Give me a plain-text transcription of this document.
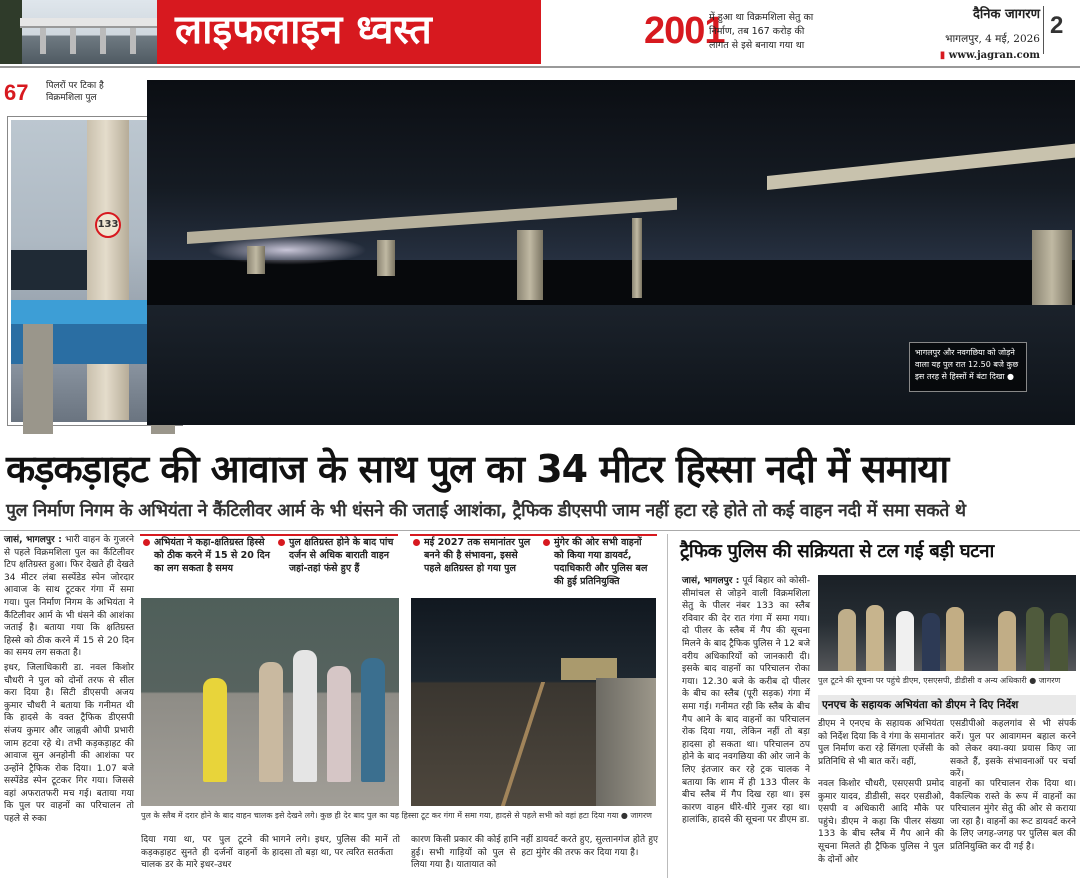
लाइफलाइन ध्वस्त	2001
में हुआ था विक्रमशिला सेतु का निर्माण, तब 167 करोड़ की लागत से इसे बनाया गया था
दैनिक जागरण
भागलपुर, 4 मई, 2026
▮ www.jagran.com
2
67 पिलरों पर टिका है विक्रमशिला पुल
133
भागलपुर और नवगछिया को जोड़ने वाला यह पुल रात 12.50 बजे कुछ इस तरह से हिस्सों में बंटा दिखा ●
कड़कड़ाहट की आवाज के साथ पुल का 34 मीटर हिस्सा नदी में समाया
पुल निर्माण निगम के अभियंता ने कैंटिलीवर आर्म के भी धंसने की जताई आशंका, ट्रैफिक डीएसपी जाम नहीं हटा रहे होते तो कई वाहन नदी में समा सकते थे

जासं, भागलपुर : भारी वाहन के गुजरने से पहले विक्रमशिला पुल का कैंटिलीवर टिप क्षतिग्रस्त हुआ। फिर देखते ही देखते 34 मीटर लंबा सस्पेंडेड स्पेन जोरदार आवाज के साथ टूटकर गंगा में समा गया। पुल निर्माण निगम के अभियंता ने कैंटिलीवर आर्म के भी धंसने की आशंका जताई है। बताया गया कि क्षतिग्रस्त हिस्से को ठीक करने में 15 से 20 दिन का समय लग सकता है।

इधर, जिलाधिकारी डा. नवल किशोर चौधरी ने पुल को दोनों तरफ से सील करा दिया है। सिटी डीएसपी अजय कुमार चौधरी ने बताया कि गनीमत थी कि हादसे के वक्त ट्रैफिक डीएसपी संजय कुमार और जाह्नवी ओपी प्रभारी जाम हटवा रहे थे। तभी कड़कड़ाहट की आवाज सुन अनहोनी की आशंका पर उन्होंने ट्रैफिक रोक दिया। 1.07 बजे सस्पेंडेड स्पेन टूटकर गिर गया। जिससे वहां अफरातफरी मच गई। बताया गया कि पुल पर वाहनों का परिचालन तो पहले से रुका

अभियंता ने कहा-क्षतिग्रस्त हिस्से को ठीक करने में 15 से 20 दिन का लग सकता है समय
पुल क्षतिग्रस्त होने के बाद पांच दर्जन से अधिक बाराती वाहन जहां-तहां फंसे हुए हैं
मई 2027 तक समानांतर पुल बनने की है संभावना, इससे पहले क्षतिग्रस्त हो गया पुल
मुंगेर की ओर सभी वाहनों को किया गया डायवर्ट, पदाधिकारी और पुलिस बल की हुई प्रतिनियुक्ति
पुल के स्लैब में दरार होने के बाद वाहन चालक इसे देखने लगे। कुछ ही देर बाद पुल का यह हिस्सा टूट कर गंगा में समा गया, हादसे से पहले सभी को वहां हटा दिया गया ● जागरण
दिया गया था, पर पुल टूटने की कड़कड़ाहट सुनते ही दर्जनों वाहनों के चालक डर के मारे इधर-उधर
भागने लगे। इधर, पुलिस की मानें तो हादसा तो बड़ा था, पर त्वरित सतर्कता
कारण किसी प्रकार की कोई हानि नहीं हुई। सभी गाड़ियों को पुल से हटा लिया गया है। यातायात को
डायवर्ट करते हुए, सुल्तानगंज होते हुए मुंगेर की तरफ कर दिया गया है।
ट्रैफिक पुलिस की सक्रियता से टल गई बड़ी घटना

जासं, भागलपुर : पूर्व बिहार को कोसी-सीमांचल से जोड़ने वाली विक्रमशिला सेतु के पीलर नंबर 133 का स्लैब रविवार की देर रात गंगा में समा गया। दो पीलर के स्लैब में गैप की सूचना मिलने के बाद ट्रैफिक पुलिस ने 12 बजे वरीय अधिकारियों को जानकारी दी। इसके बाद वाहनों का परिचालन रोका गया। 12.30 बजे के करीब दो पीलर के बीच का स्लैब (पूरी सड़क) गंगा में समा गई। गनीमत रही कि स्लैब के बीच गैप आने के बाद वाहनों का परिचालन रोक दिया गया, लेकिन नहीं तो बड़ा हादसा हो सकता था। परिचालन ठप होने के बाद नवगछिया की ओर जाने के लिए इंतजार कर रहे ट्रक चालक ने बताया कि शाम में ही 133 पीलर के बीच स्लैब में गैप दिख रहा था। इस कारण वाहन धीरे-धीरे गुजर रहा था। हालांकि, हादसे की सूचना पर डीएम डा.

पुल टूटने की सूचना पर पहुंचे डीएम, एसएसपी, डीडीसी व अन्य अधिकारी ● जागरण
एनएच के सहायक अभियंता को डीएम ने दिए निर्देश
डीएम ने एनएच के सहायक अभियंता को निर्देश दिया कि वे गंगा के समानांतर पुल निर्माण करा रहे सिंगला एजेंसी के प्रतिनिधि से भी बात करें। वहीं,
एसडीपीओ कहलगांव से भी संपर्क करें। पुल पर आवागमन बहाल करने को लेकर क्या-क्या प्रयास किए जा सकते हैं, इसके संभावनाओं पर चर्चा करें।
नवल किशोर चौधरी, एसएसपी प्रमोद कुमार यादव, डीडीसी, सदर एसडीओ, एसपी व अधिकारी आदि मौके पर पहुंचे। डीएम ने कहा कि पीलर संख्या 133 के बीच स्लैब में गैप आने की सूचना मिलते ही ट्रैफिक पुलिस ने पुल के दोनों ओर
वाहनों का परिचालन रोक दिया था। वैकल्पिक रास्ते के रूप में वाहनों का परिचालन मुंगेर सेतु की ओर से कराया जा रहा है। वाहनों का रूट डायवर्ट करने के लिए जगह-जगह पर पुलिस बल की प्रतिनियुक्ति कर दी गई है।
